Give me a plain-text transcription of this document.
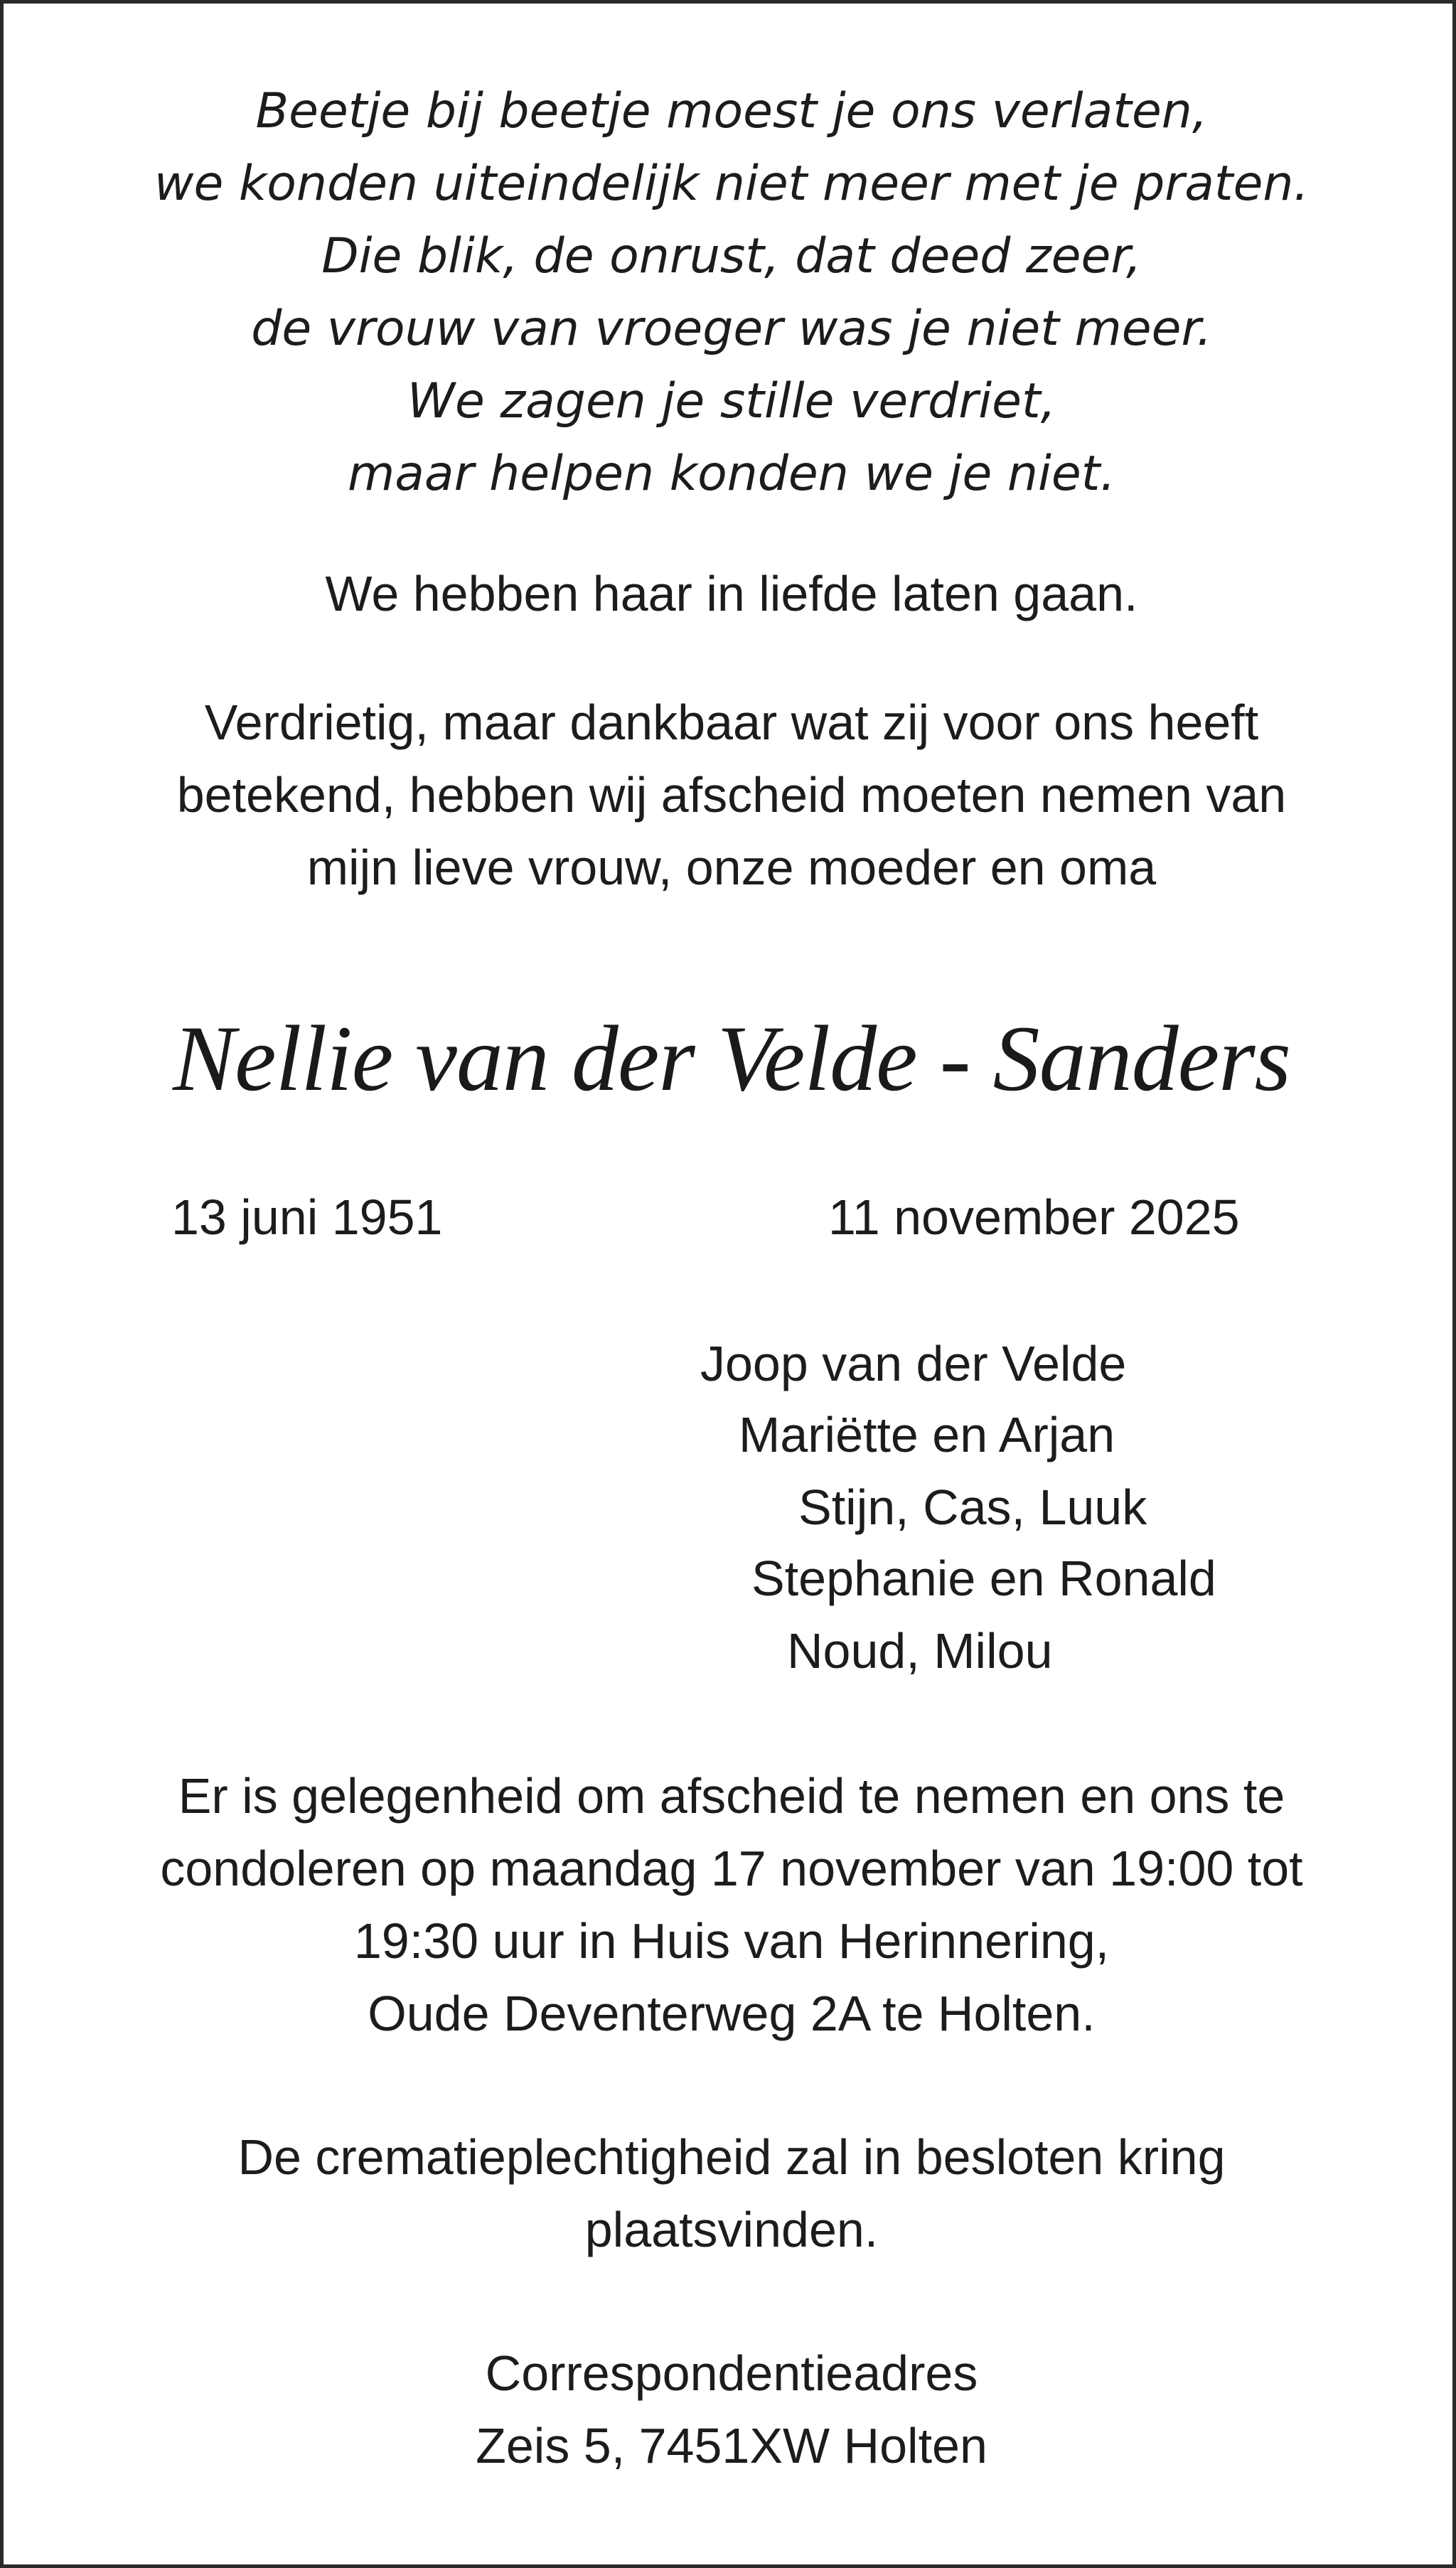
Beetje bij beetje moest je ons verlaten,
we konden uiteindelijk niet meer met je praten.
Die blik, de onrust, dat deed zeer,
de vrouw van vroeger was je niet meer.
We zagen je stille verdriet,
maar helpen konden we je niet.
We hebben haar in liefde laten gaan.
Verdrietig, maar dankbaar wat zij voor ons heeft
betekend, hebben wij afscheid moeten nemen van
mijn lieve vrouw, onze moeder en oma
Nellie van der Velde - Sanders
13 juni 1951	11 november 2025
Joop van der Velde
Mariëtte en Arjan
Stijn, Cas, Luuk
Stephanie en Ronald
Noud, Milou
Er is gelegenheid om afscheid te nemen en ons te
condoleren op maandag 17 november van 19:00 tot
19:30 uur in Huis van Herinnering,
Oude Deventerweg 2A te Holten.
De crematieplechtigheid zal in besloten kring
plaatsvinden.
Correspondentieadres
Zeis 5, 7451XW Holten
